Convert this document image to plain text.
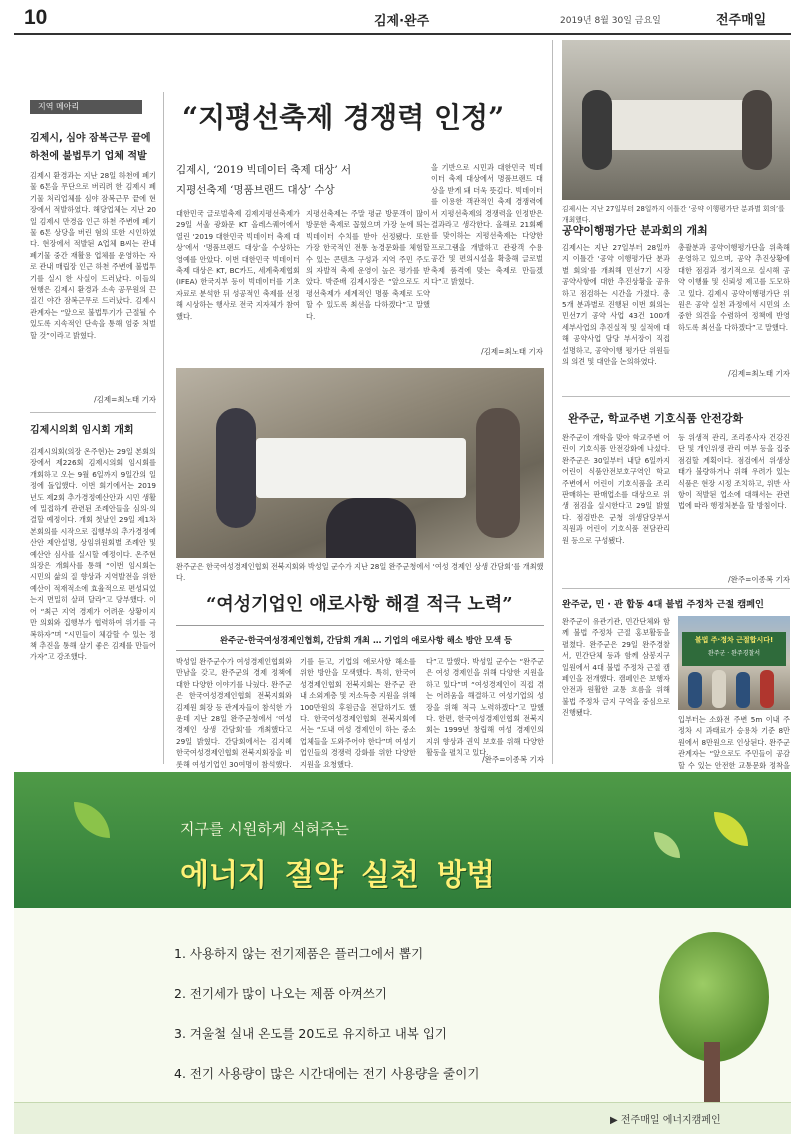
10	김제·완주	2019년 8월 30일 금요일	전주매일
지역 메아리
김제시, 심야 잠복근무 끝에 하천에 불법투기 업체 적발
김제시 환경과는 지난 28일 하천에 폐기물 6톤을 무단으로 버리려 한 김제시 폐기물 처리업체를 심야 잠복근무 끝에 현장에서 적발하였다. 해당업체는 지난 20일 김제시 만경읍 인근 하천 주변에 폐기물 6톤 상당을 버린 혐의 또한 시인하였다. 현장에서 적발된 A업체 B씨는 관내 폐기물 중간 재활용 업체를 운영하는 자로 관내 매립장 인근 하천 주변에 불법투기를 실시 한 사실이 드러났다. 이들의 현행은 김제시 환경과 소속 공무원의 끈질긴 야간 잠복근무로 드러났다. 김제시 관계자는 “앞으로 불법투기가 근절될 수 있도록 지속적인 단속을 통해 엄중 처벌할 것”이라고 밝혔다.
/김제=최노태 기자
김제시의회 임시회 개회
김제시의회(의장 온주현)는 29일 본회의장에서 제226회 김제시의회 임시회를 개회하고 오는 9월 6일까지 9일간의 일정에 돌입했다. 이번 회기에서는 2019년도 제2회 추가경정예산안과 시민 생활에 밀접하게 관련된 조례안들을 심의·의결할 예정이다. 개회 첫날인 29일 제1차 본회의를 시작으로 집행부의 추가경정예산안 제안설명, 상임위원회별 조례안 및 예산안 심사를 실시할 예정이다. 온주현 의장은 개회사를 통해 “이번 임시회는 시민의 삶의 질 향상과 지역발전을 위한 예산이 적재적소에 효율적으로 편성되었는지 면밀히 살펴 달라”고 당부했다. 이어 “최근 지역 경제가 어려운 상황이지만 의회와 집행부가 협력하여 위기를 극복하자”며 “시민들이 체감할 수 있는 정책 추진을 통해 살기 좋은 김제를 만들어 가자”고 강조했다.
“지평선축제 경쟁력 인정”
김제시, ‘2019 빅데이터 축제 대상’ 서
지평선축제 ‘명품브랜드 대상’ 수상
대한민국 글로벌축제 김제지평선축제가 29일 서울 광화문 KT 올레스퀘어에서 열린 ‘2019 대한민국 빅데이터 축제 대상’에서 ‘명품브랜드 대상’을 수상하는 영예를 안았다. 이번 대한민국 빅데이터 축제 대상은 KT, BC카드, 세계축제협회(IFEA) 한국지부 등이 빅데이터를 기초자료로 분석한 뒤 성공적인 축제를 선정해 시상하는 행사로 전국 지자체가 참여했다.
지평선축제는 주말 평균 방문객이 많이 방문한 축제로 꼽혔으며 가장 눈에 띄는 빅데이터 수치를 받아 선정됐다. 또한 가장 한국적인 전통 농경문화를 체험할 수 있는 콘텐츠 구성과 지역 주민 주도의 자발적 축제 운영이 높은 평가를 받았다. 박준배 김제시장은 “앞으로도 지평선축제가 세계적인 명품 축제로 도약할 수 있도록 최선을 다하겠다”고 말했다.
을 기반으로 시민과 대한민국 빅데이터 축제 대상에서 명품브랜드 대상을 받게 돼 더욱 뜻깊다. 빅데이터를 이용한 객관적인 축제 경쟁력에서 지평선축제의 경쟁력을 인정받은 결과라고 생각한다. 올해로 21회째를 맞이하는 지평선축제는 다양한 프로그램을 개발하고 관광객 수용 공간 및 편의시설을 확충해 글로벌축제 품격에 맞는 축제로 만들겠다”고 밝혔다.
/김제=최노태 기자
완주군은 한국여성경제인협회 전북지회와 박성일 군수가 지난 28일 완주군청에서 ‘여성 경제인 상생 간담회’를 개최했다.
“여성기업인 애로사항 해결 적극 노력”
완주군-한국여성경제인협회, 간담회 개최 … 기업의 애로사항 해소 방안 모색 등
박성일 완주군수가 여성경제인협회와 만남을 갖고, 완주군의 경제 정책에 대한 다양한 이야기를 나눴다. 완주군은 한국여성경제인협회 전북지회와 김제원 회장 등 관계자들이 참석한 가운데 지난 28일 완주군청에서 ‘여성 경제인 상생 간담회’를 개최했다고 29일 밝혔다. 간담회에서는 김지혜 한국여성경제인협회 전북지회장을 비롯해 여성기업인 30여명이 참석했다.
기를 듣고, 기업의 애로사항 해소를 위한 방안을 모색했다. 특히, 한국여성경제인협회 전북지회는 완주군 관내 소외계층 및 저소득층 지원을 위해 100만원의 후원금을 전달하기도 했다. 한국여성경제인협회 전북지회에서는 “도내 여성 경제인이 하는 중소 업체들을 도와주어야 한다”며 여성기업인들의 경쟁력 강화를 위한 다양한 지원을 요청했다.
다”고 말했다. 박성일 군수는 “완주군은 여성 경제인을 위해 다양한 지원을 하고 있다”며 “여성경제인이 직접 겪는 어려움을 해결하고 여성기업의 성장을 위해 적극 노력하겠다”고 말했다. 한편, 한국여성경제인협회 전북지회는 1999년 창립해 여성 경제인의 지위 향상과 권익 보호를 위해 다양한 활동을 펼치고 있다.
/완주=이종복 기자
김제시는 지난 27일부터 28일까지 이틀간 ‘공약 이행평가단 분과별 회의’를 개최했다.
공약이행평가단 분과회의 개최
김제시는 지난 27일부터 28일까지 이틀간 ‘공약 이행평가단 분과별 회의’를 개최해 민선7기 시장 공약사항에 대한 추진상황을 공유하고 점검하는 시간을 가졌다. 총 5개 분과별로 진행된 이번 회의는 민선7기 공약 사업 43건 100개 세부사업의 추진실적 및 실적에 대해 공약사업 담당 부서장이 직접 설명하고, 공약이행 평가단 위원들의 의견 및 대안을 논의하였다.
총괄분과 공약이행평가단을 위촉해 운영하고 있으며, 공약 추진상황에 대한 점검과 정기적으로 실시해 공약 이행률 및 신뢰성 제고를 도모하고 있다. 김제시 공약이행평가단 위원은 공약 실천 과정에서 시민의 소중한 의견을 수렴하여 정책에 반영하도록 최선을 다하겠다”고 말했다.
/김제=최노태 기자
완주군, 학교주변 기호식품 안전강화
완주군이 개학을 맞아 학교주변 어린이 기호식품 안전강화에 나섰다. 완주군은 30일부터 내달 6일까지 어린이 식품안전보호구역인 학교주변에서 어린이 기호식품을 조리판매하는 판매업소를 대상으로 위생 점검을 실시한다고 29일 밝혔다. 점검반은 군청 위생담당부서 직원과 어린이 기호식품 전담관리원 등으로 구성됐다.
등 위생적 관리, 조리종사자 건강진단 및 개인위생 관리 여부 등을 집중 점검할 계획이다. 점검에서 위생상태가 불량하거나 위해 우려가 있는 식품은 현장 시정 조치하고, 위반 사항이 적발된 업소에 대해서는 관련 법에 따라 행정처분을 할 방침이다.
/완주=이종복 기자
완주군, 민 · 관 합동 4대 불법 주정차 근절 캠페인
완주군이 유관기관, 민간단체와 함께 불법 주정차 근절 홍보활동을 펼쳤다. 완주군은 29일 완주경찰서, 민간단체 등과 함께 삼봉지구 일원에서 4대 불법 주정차 근절 캠페인을 전개했다. 캠페인은 보행자 안전과 원활한 교통 흐름을 위해 불법 주정차 금지 구역을 중심으로 진행됐다.
불법 주·정차 근절합시다!
완주군 · 완주경찰서
입부터는 소화전 주변 5m 이내 주정차 시 과태료가 승용차 기준 8만원에서 8만원으로 인상된다. 완주군 관계자는 “앞으로도 주민들이 공감할 수 있는 안전한 교통문화 정착을
지구를 시원하게 식혀주는
에너지 절약 실천 방법
1. 사용하지 않는 전기제품은 플러그에서 뽑기
2. 전기세가 많이 나오는 제품 아껴쓰기
3. 겨울철 실내 온도를 20도로 유지하고 내복 입기
4. 전기 사용량이 많은 시간대에는 전기 사용량을 줄이기
▶ 전주매일 에너지캠페인
